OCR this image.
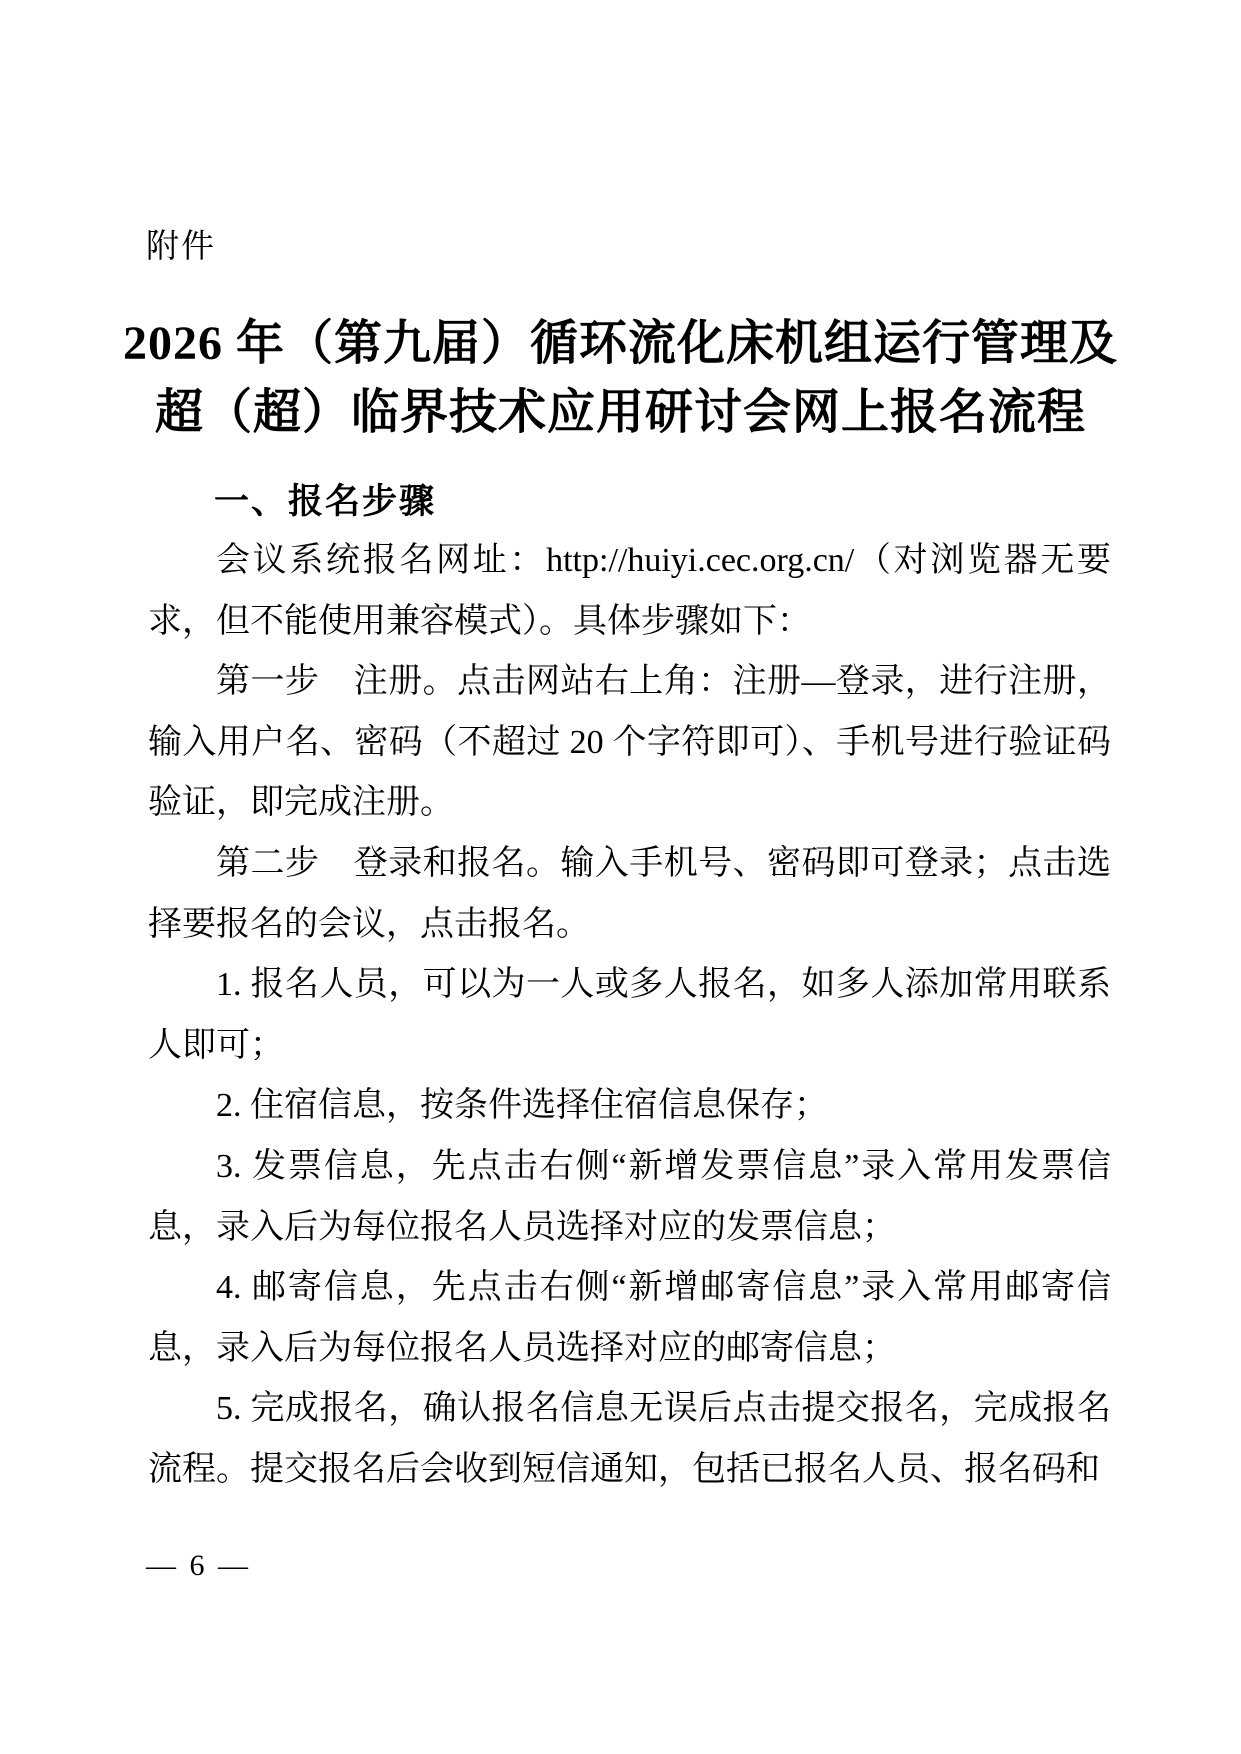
附件
2026 年（第九届）循环流化床机组运行管理及
超（超）临界技术应用研讨会网上报名流程
一、报名步骤

会议系统报名网址：http://huiyi.cec.org.cn/（对浏览器无要求，但不能使用兼容模式）。具体步骤如下：

第一步　注册。点击网站右上角：注册—登录，进行注册，输入用户名、密码（不超过 20 个字符即可）、手机号进行验证码验证，即完成注册。

第二步　登录和报名。输入手机号、密码即可登录；点击选择要报名的会议，点击报名。

1. 报名人员，可以为一人或多人报名，如多人添加常用联系人即可；

2. 住宿信息，按条件选择住宿信息保存；

3. 发票信息，先点击右侧“新增发票信息”录入常用发票信息，录入后为每位报名人员选择对应的发票信息；

4. 邮寄信息，先点击右侧“新增邮寄信息”录入常用邮寄信息，录入后为每位报名人员选择对应的邮寄信息；

5. 完成报名，确认报名信息无误后点击提交报名，完成报名流程。提交报名后会收到短信通知，包括已报名人员、报名码和

— 6 —
